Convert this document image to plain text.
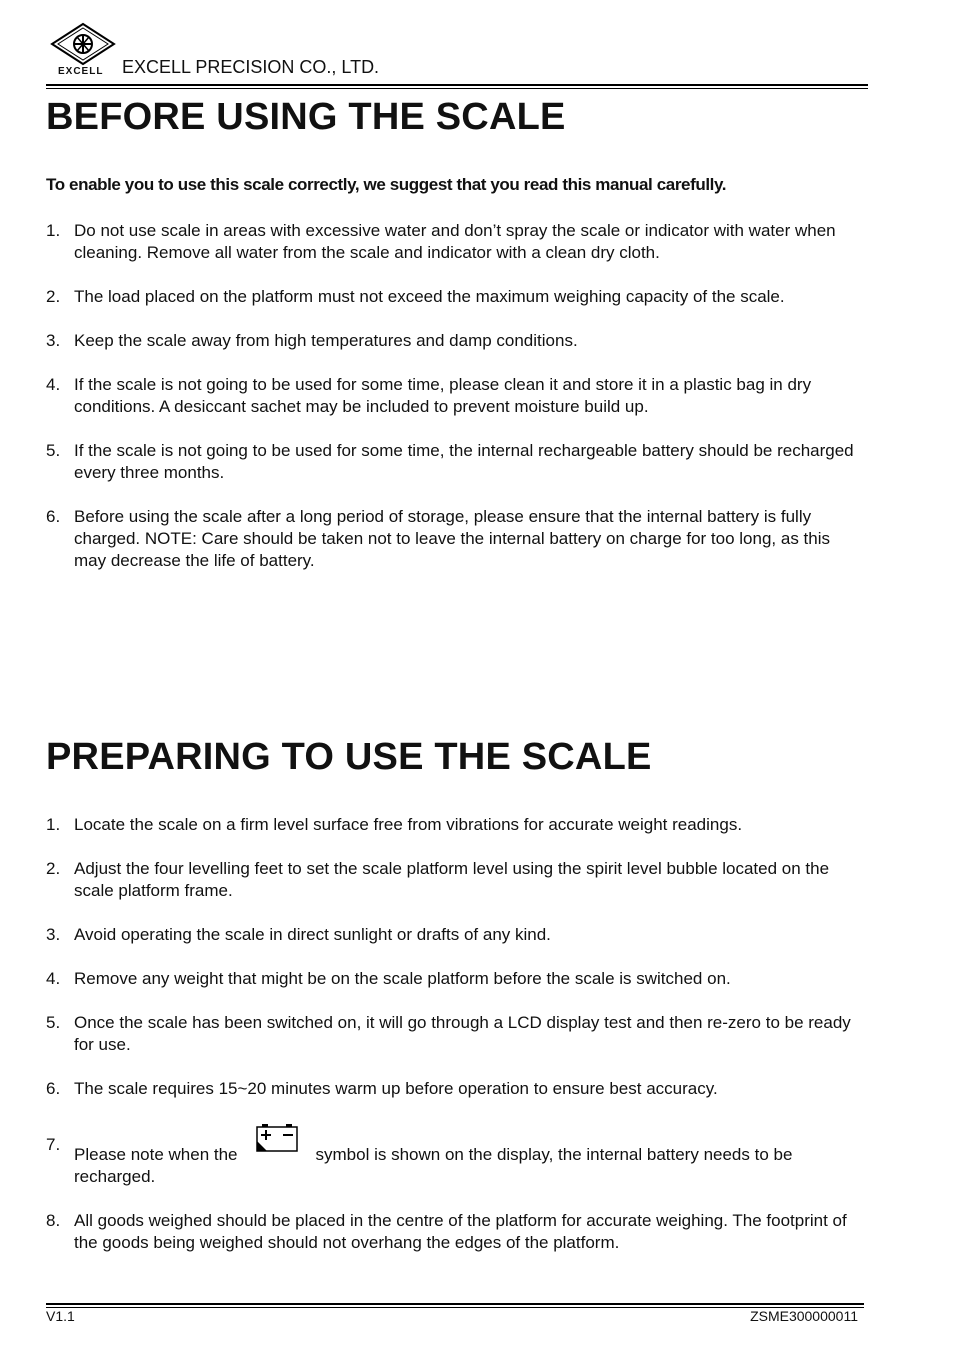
EXCELL EXCELL PRECISION CO., LTD.
BEFORE USING THE SCALE
To enable you to use this scale correctly, we suggest that you read this manual carefully.
1. Do not use scale in areas with excessive water and don’t spray the scale or indicator with water when cleaning. Remove all water from the scale and indicator with a clean dry cloth.
2. The load placed on the platform must not exceed the maximum weighing capacity of the scale.
3. Keep the scale away from high temperatures and damp conditions.
4. If the scale is not going to be used for some time, please clean it and store it in a plastic bag in dry conditions. A desiccant sachet may be included to prevent moisture build up.
5. If the scale is not going to be used for some time, the internal rechargeable battery should be recharged every three months.
6. Before using the scale after a long period of storage, please ensure that the internal battery is fully charged. NOTE: Care should be taken not to leave the internal battery on charge for too long, as this may decrease the life of battery.
PREPARING TO USE THE SCALE
1. Locate the scale on a firm level surface free from vibrations for accurate weight readings.
2. Adjust the four levelling feet to set the scale platform level using the spirit level bubble located on the scale platform frame.
3. Avoid operating the scale in direct sunlight or drafts of any kind.
4. Remove any weight that might be on the scale platform before the scale is switched on.
5. Once the scale has been switched on, it will go through a LCD display test and then re-zero to be ready for use.
6. The scale requires 15~20 minutes warm up before operation to ensure best accuracy.
7.
Please note when the	symbol is shown on the display, the internal battery needs to be recharged.
8. All goods weighed should be placed in the centre of the platform for accurate weighing. The footprint of the goods being weighed should not overhang the edges of the platform.
V1.1	ZSME300000011
